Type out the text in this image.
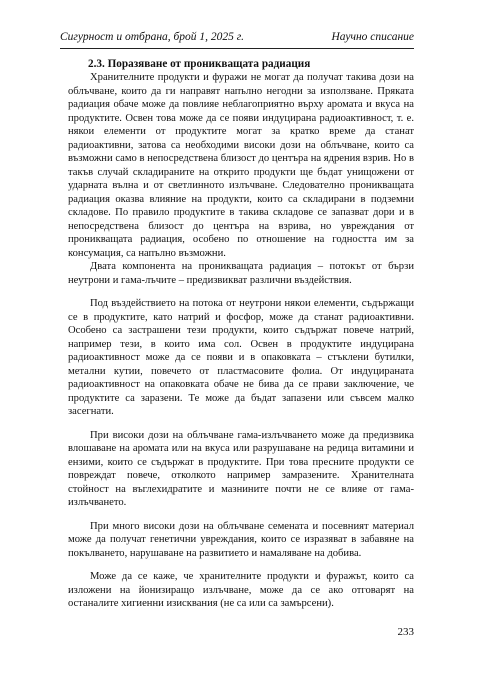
Сигурност и отбрана, брой 1, 2025 г.	Научно списание
2.3. Поразяване от проникващата радиация

Хранителните продукти и фуражи не могат да получат такива дози на облъчване, които да ги направят напълно негодни за използване. Пряката радиация обаче може да повлияе неблагоприятно върху аромата и вкуса на продуктите. Освен това може да се появи индуцирана радиоактивност, т. е. някои елементи от продуктите могат за кратко време да станат радиоактивни, затова са необходими високи дози на облъчване, които са възможни само в непосредствена близост до центъра на ядрения взрив. Но в такъв случай складираните на открито продукти ще бъдат унищожени от ударната вълна и от светлинното излъчване. Следователно проникващата радиация оказва влияние на продукти, които са складирани в подземни складове. По правило продуктите в такива складове се запазват дори и в непосредствена близост до центъра на взрива, но увреждания от проникващата радиация, особено по отношение на годността им за консумация, са напълно възможни.

Двата компонента на проникващата радиация – потокът от бързи неутрони и гама-лъчите – предизвикват различни въздействия.

Под въздействието на потока от неутрони някои елементи, съдържащи се в продуктите, като натрий и фосфор, може да станат радиоактивни. Особено са застрашени тези продукти, които съдържат повече натрий, например тези, в които има сол. Освен в продуктите индуцирана радиоактивност може да се появи и в опаковката – стъклени бутилки, метални кутии, повечето от пластмасовите фолиа. От индуцираната радиоактивност на опаковката обаче не бива да се прави заключение, че продуктите са заразени. Те може да бъдат запазени или съвсем малко засегнати.

При високи дози на облъчване гама-излъчването може да предизвика влошаване на аромата или на вкуса или разрушаване на редица витамини и ензими, които се съдържат в продуктите. При това пресните продукти се повреждат повече, отколкото например замразените. Хранителната стойност на въглехидратите и мазнините почти не се влияе от гама-излъчването.

При много високи дози на облъчване семената и посевният материал може да получат генетични увреждания, които се изразяват в забавяне на покълването, нарушаване на развитието и намаляване на добива.

Може да се каже, че хранителните продукти и фуражът, които са изложени на йонизиращо излъчване, може да се ако отговарят на останалите хигиенни изисквания (не са или са замърсени).

233
